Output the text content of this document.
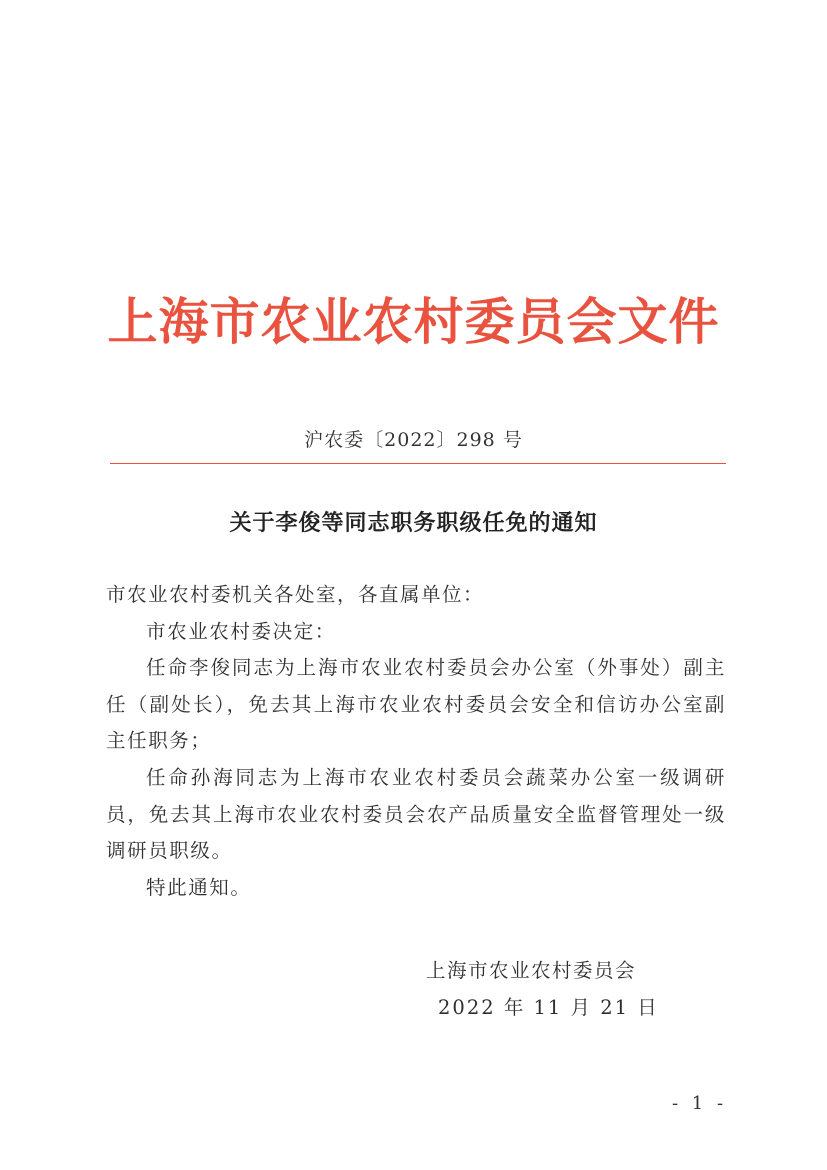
上海市农业农村委员会文件
沪农委〔2022〕298 号
关于李俊等同志职务职级任免的通知

市农业农村委机关各处室，各直属单位：

市农业农村委决定：

任命李俊同志为上海市农业农村委员会办公室（外事处）副主任（副处长），免去其上海市农业农村委员会安全和信访办公室副主任职务；

任命孙海同志为上海市农业农村委员会蔬菜办公室一级调研员，免去其上海市农业农村委员会农产品质量安全监督管理处一级调研员职级。

特此通知。

上海市农业农村委员会
2022 年 11 月 21 日
- 1 -
